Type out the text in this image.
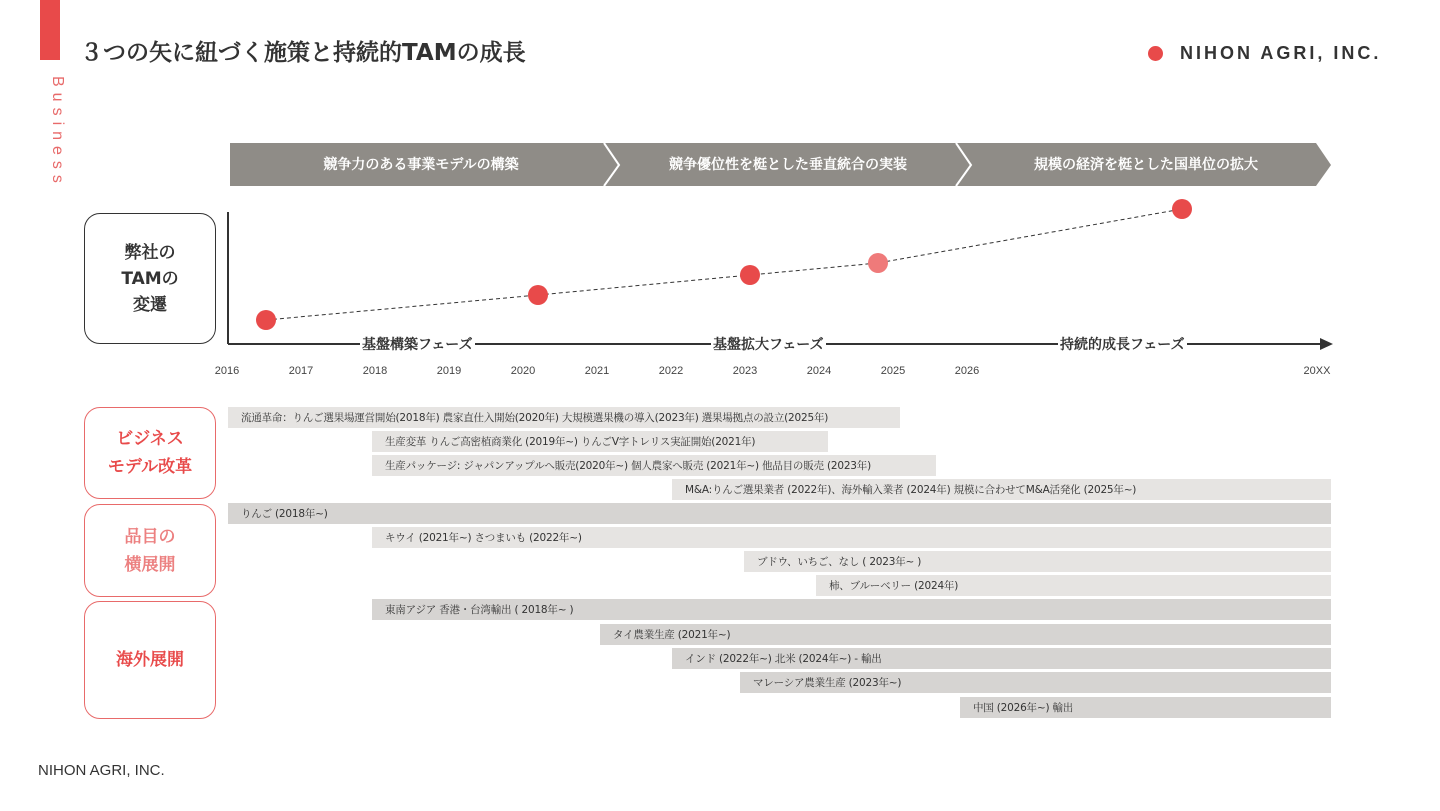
Business
３つの矢に紐づく施策と持続的TAMの成長	NIHON AGRI, INC.
競争力のある事業モデルの構築	競争優位性を梃とした垂直統合の実装	規模の経済を梃とした国単位の拡大
弊社の
TAMの
変遷
基盤構築フェーズ	基盤拡大フェーズ	持続的成長フェーズ
2016	2017	2018	2019	2020	2021	2022	2023	2024	2025	2026	20XX
ビジネス
モデル改革
品目の
横展開
海外展開
流通革命：りんご選果場運営開始(2018年) 農家直仕入開始(2020年) 大規模選果機の導入(2023年) 選果場拠点の設立(2025年)
生産変革 りんご高密植商業化 (2019年~) りんごV字トレリス実証開始(2021年)
生産パッケージ: ジャパンアップルへ販売(2020年~) 個人農家へ販売 (2021年~) 他品目の販売 (2023年)
M&A:りんご選果業者 (2022年)、海外輸入業者 (2024年) 規模に合わせてM&A活発化 (2025年~)
りんご (2018年~)
キウイ (2021年~) さつまいも (2022年~)
ブドウ、いちご、なし ( 2023年~ )
柿、ブルーベリー (2024年)
東南アジア 香港・台湾輸出 ( 2018年~ )
タイ農業生産 (2021年~)
インド (2022年~) 北米 (2024年~) - 輸出
マレーシア農業生産 (2023年~)
中国 (2026年~) 輸出
NIHON AGRI, INC.
